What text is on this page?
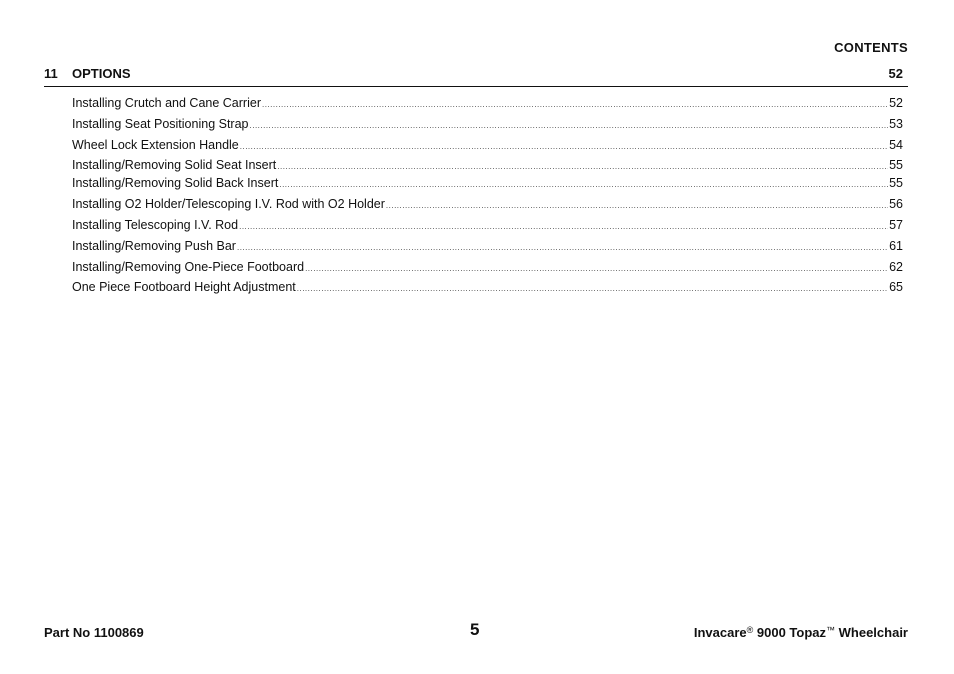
CONTENTS
11 OPTIONS	52
Installing Crutch and Cane Carrier .....	52
Installing Seat Positioning Strap .....	53
Wheel Lock Extension Handle .....	54
Installing/Removing Solid Seat Insert .....	55
Installing/Removing Solid Back Insert .....	55
Installing O2 Holder/Telescoping I.V. Rod with O2 Holder .....	56
Installing Telescoping I.V. Rod .....	57
Installing/Removing Push Bar .....	61
Installing/Removing One-Piece Footboard .....	62
One Piece Footboard Height Adjustment .....	65
Part No 1100869	5	Invacare® 9000 Topaz™ Wheelchair
